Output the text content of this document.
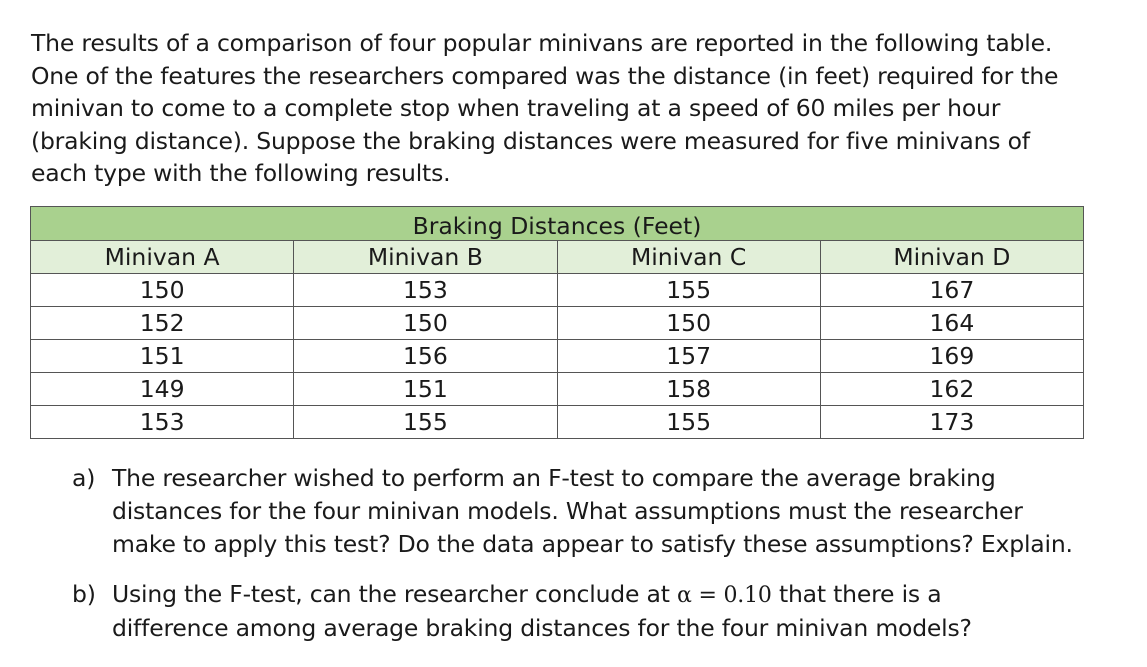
The results of a comparison of four popular minivans are reported in the following table.
One of the features the researchers compared was the distance (in feet) required for the
minivan to come to a complete stop when traveling at a speed of 60 miles per hour
(braking distance). Suppose the braking distances were measured for five minivans of
each type with the following results.
Braking Distances (Feet)			
Minivan A	Minivan B	Minivan C	Minivan D
150	153	155	167
152	150	150	164
151	156	157	169
149	151	158	162
153	155	155	173
a) The researcher wished to perform an F-test to compare the average braking
distances for the four minivan models. What assumptions must the researcher
make to apply this test? Do the data appear to satisfy these assumptions? Explain.
b) Using the F-test, can the researcher conclude at α = 0.10 that there is a
difference among average braking distances for the four minivan models?
